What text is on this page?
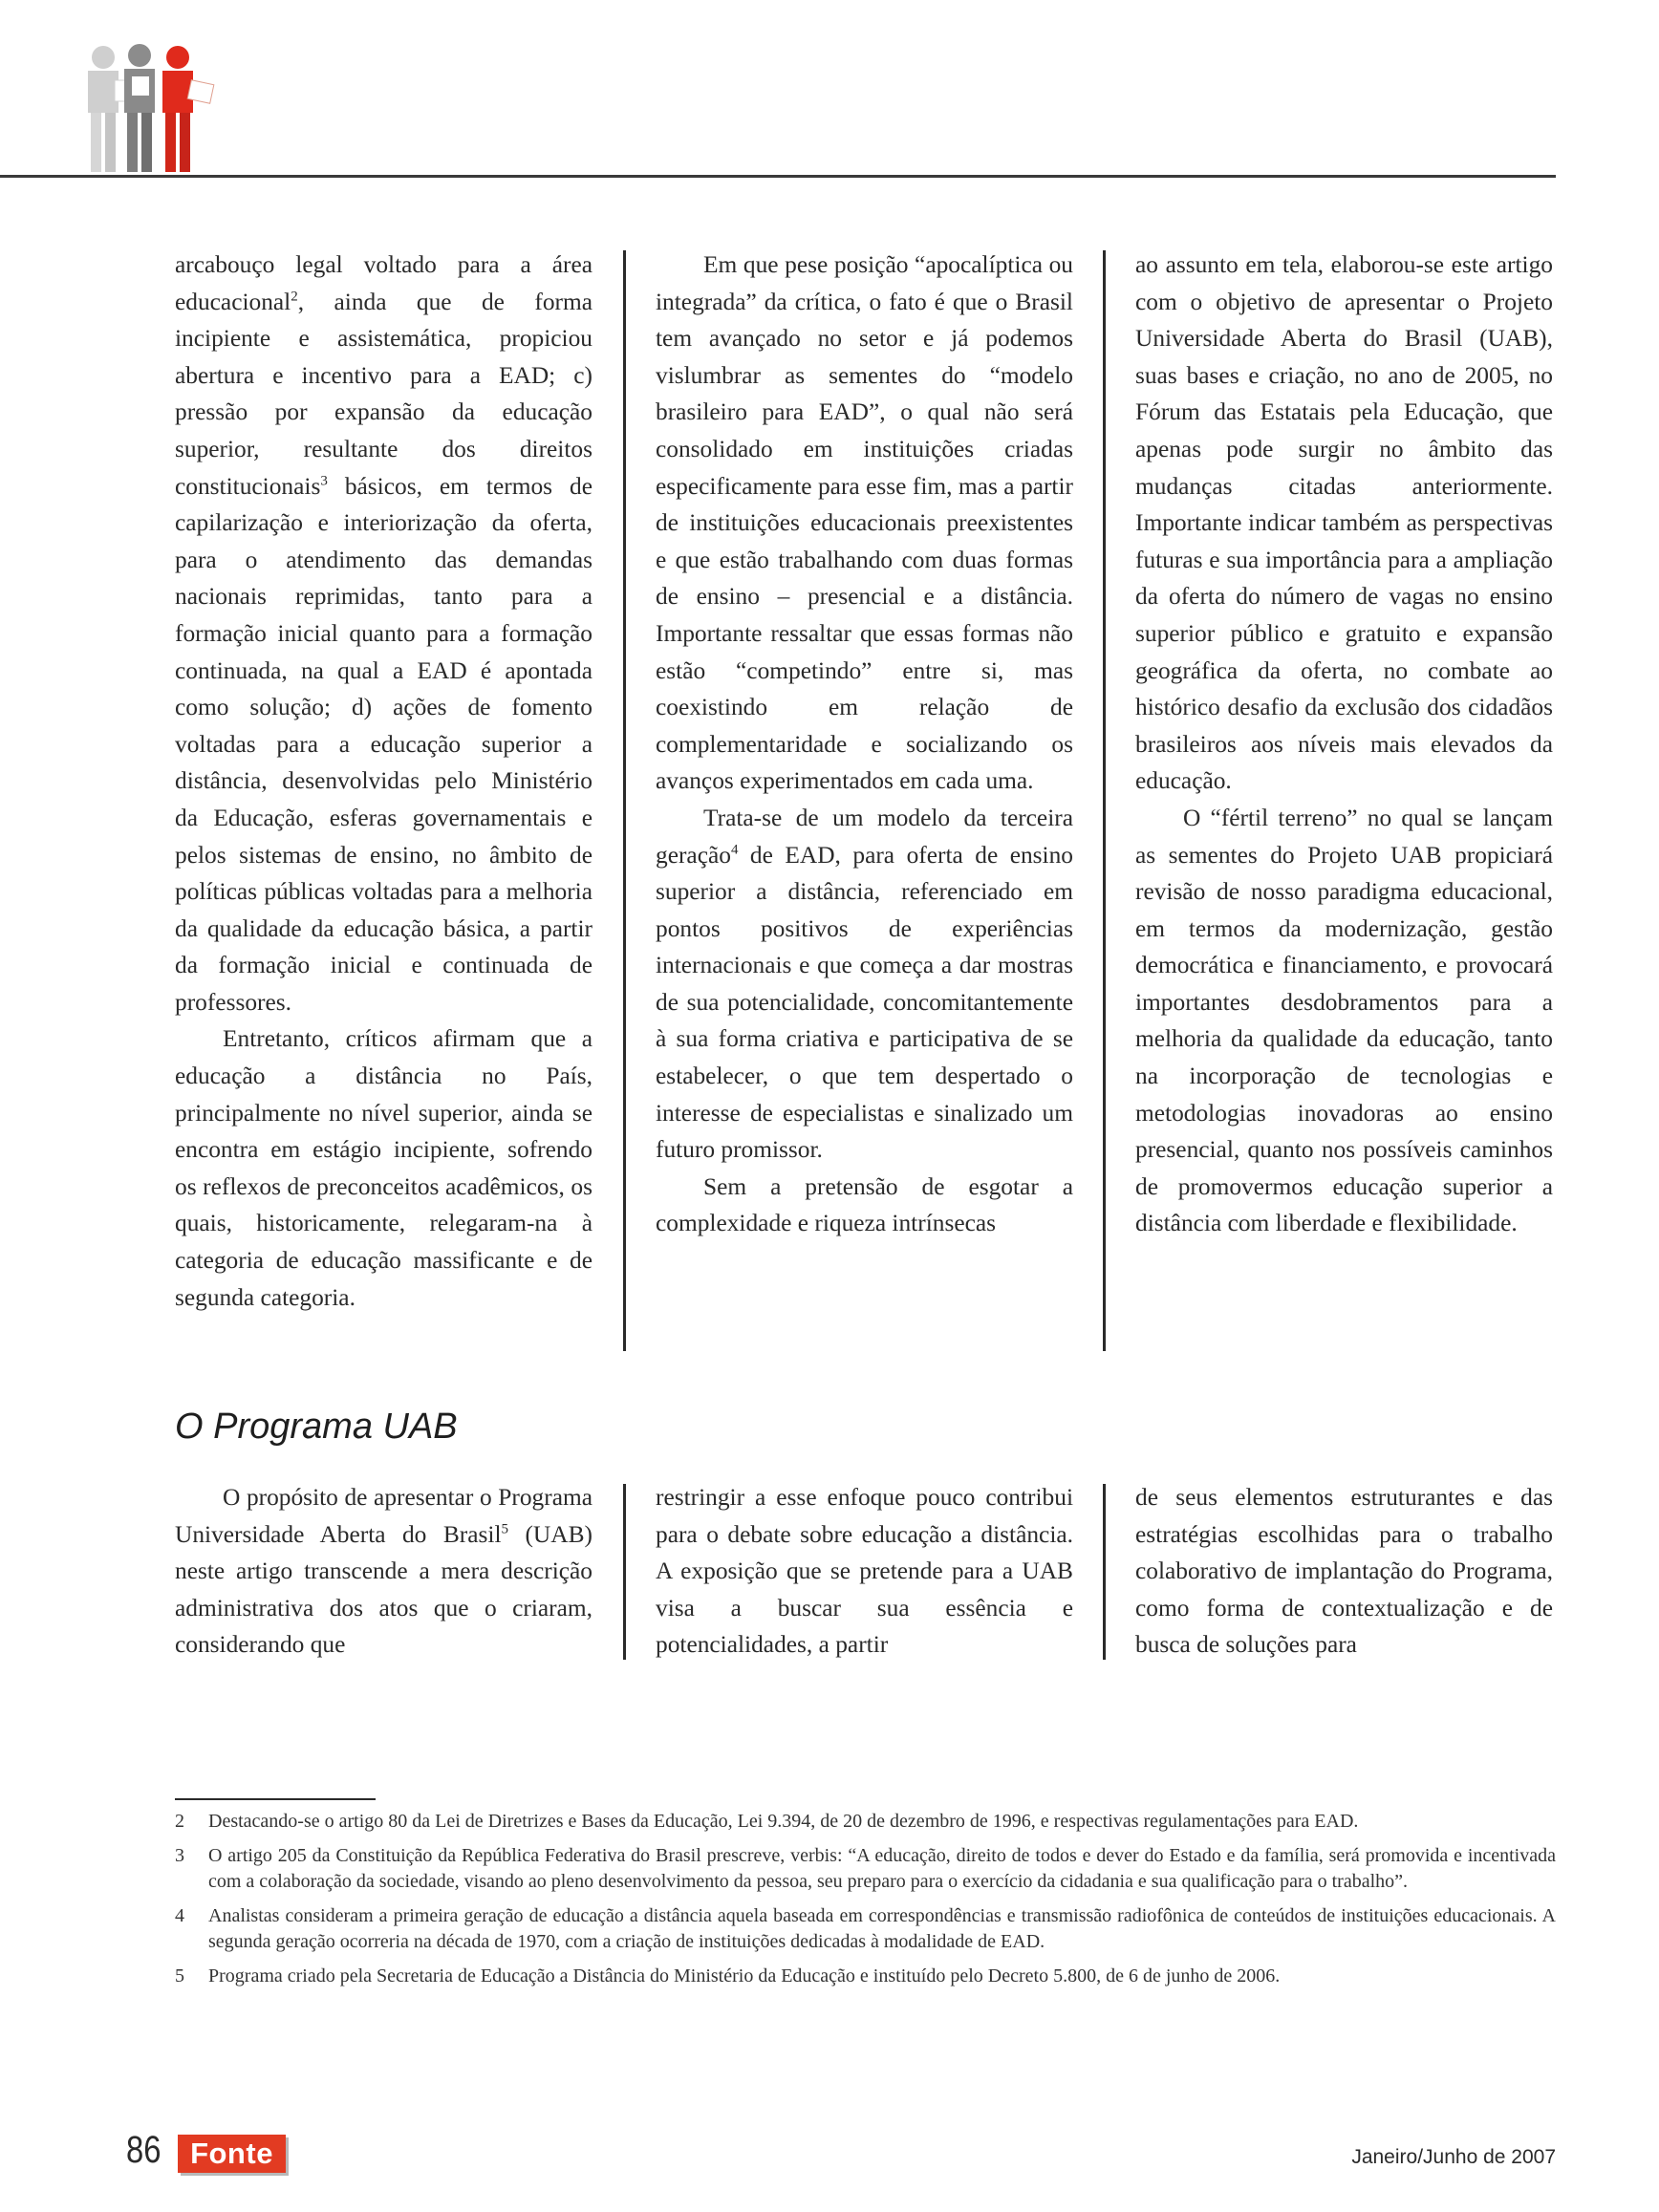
arcabouço legal voltado para a área educacional$^2$, ainda que de forma incipiente e assistemática, propiciou abertura e incentivo para a EAD; c) pressão por expansão da educação superior, resultante dos direitos constitucionais$^3$ básicos, em termos de capilarização e interiorização da oferta, para o atendimento das demandas nacionais reprimidas, tanto para a formação inicial quanto para a formação continuada, na qual a EAD é apontada como solução; d) ações de fomento voltadas para a educação superior a distância, desenvolvidas pelo Ministério da Educação, esferas governamentais e pelos sistemas de ensino, no âmbito de políticas públicas voltadas para a melhoria da qualidade da educação básica, a partir da formação inicial e continuada de professores.

Entretanto, críticos afirmam que a educação a distância no País, principalmente no nível superior, ainda se encontra em estágio incipiente, sofrendo os reflexos de preconceitos acadêmicos, os quais, historicamente, relegaram-na à categoria de educação massificante e de segunda categoria.

Em que pese posição “apocalíptica ou integrada” da crítica, o fato é que o Brasil tem avançado no setor e já podemos vislumbrar as sementes do “modelo brasileiro para EAD”, o qual não será consolidado em instituições criadas especificamente para esse fim, mas a partir de instituições educacionais preexistentes e que estão trabalhando com duas formas de ensino – presencial e a distância. Importante ressaltar que essas formas não estão “competindo” entre si, mas coexistindo em relação de complementaridade e socializando os avanços experimentados em cada uma.

Trata-se de um modelo da terceira geração$^4$ de EAD, para oferta de ensino superior a distância, referenciado em pontos positivos de experiências internacionais e que começa a dar mostras de sua potencialidade, concomitantemente à sua forma criativa e participativa de se estabelecer, o que tem despertado o interesse de especialistas e sinalizado um futuro promissor.

Sem a pretensão de esgotar a complexidade e riqueza intrínsecas

ao assunto em tela, elaborou-se este artigo com o objetivo de apresentar o Projeto Universidade Aberta do Brasil (UAB), suas bases e criação, no ano de 2005, no Fórum das Estatais pela Educação, que apenas pode surgir no âmbito das mudanças citadas anteriormente. Importante indicar também as perspectivas futuras e sua importância para a ampliação da oferta do número de vagas no ensino superior público e gratuito e expansão geográfica da oferta, no combate ao histórico desafio da exclusão dos cidadãos brasileiros aos níveis mais elevados da educação.

O “fértil terreno” no qual se lançam as sementes do Projeto UAB propiciará revisão de nosso paradigma educacional, em termos da modernização, gestão democrática e financiamento, e provocará importantes desdobramentos para a melhoria da qualidade da educação, tanto na incorporação de tecnologias e metodologias inovadoras ao ensino presencial, quanto nos possíveis caminhos de promovermos educação superior a distância com liberdade e flexibilidade.

O Programa UAB

O propósito de apresentar o Programa Universidade Aberta do Brasil$^5$ (UAB) neste artigo transcende a mera descrição administrativa dos atos que o criaram, considerando que

restringir a esse enfoque pouco contribui para o debate sobre educação a distância. A exposição que se pretende para a UAB visa a buscar sua essência e potencialidades, a partir

de seus elementos estruturantes e das estratégias escolhidas para o trabalho colaborativo de implantação do Programa, como forma de contextualização e de busca de soluções para

2 Destacando-se o artigo 80 da Lei de Diretrizes e Bases da Educação, Lei 9.394, de 20 de dezembro de 1996, e respectivas regulamentações para EAD.
3 O artigo 205 da Constituição da República Federativa do Brasil prescreve, verbis: “A educação, direito de todos e dever do Estado e da família, será promovida e incentivada com a colaboração da sociedade, visando ao pleno desenvolvimento da pessoa, seu preparo para o exercício da cidadania e sua qualificação para o trabalho”.
4 Analistas consideram a primeira geração de educação a distância aquela baseada em correspondências e transmissão radiofônica de conteúdos de instituições educacionais. A segunda geração ocorreria na década de 1970, com a criação de instituições dedicadas à modalidade de EAD.
5 Programa criado pela Secretaria de Educação a Distância do Ministério da Educação e instituído pelo Decreto 5.800, de 6 de junho de 2006.
86 Fonte	Janeiro/Junho de 2007
